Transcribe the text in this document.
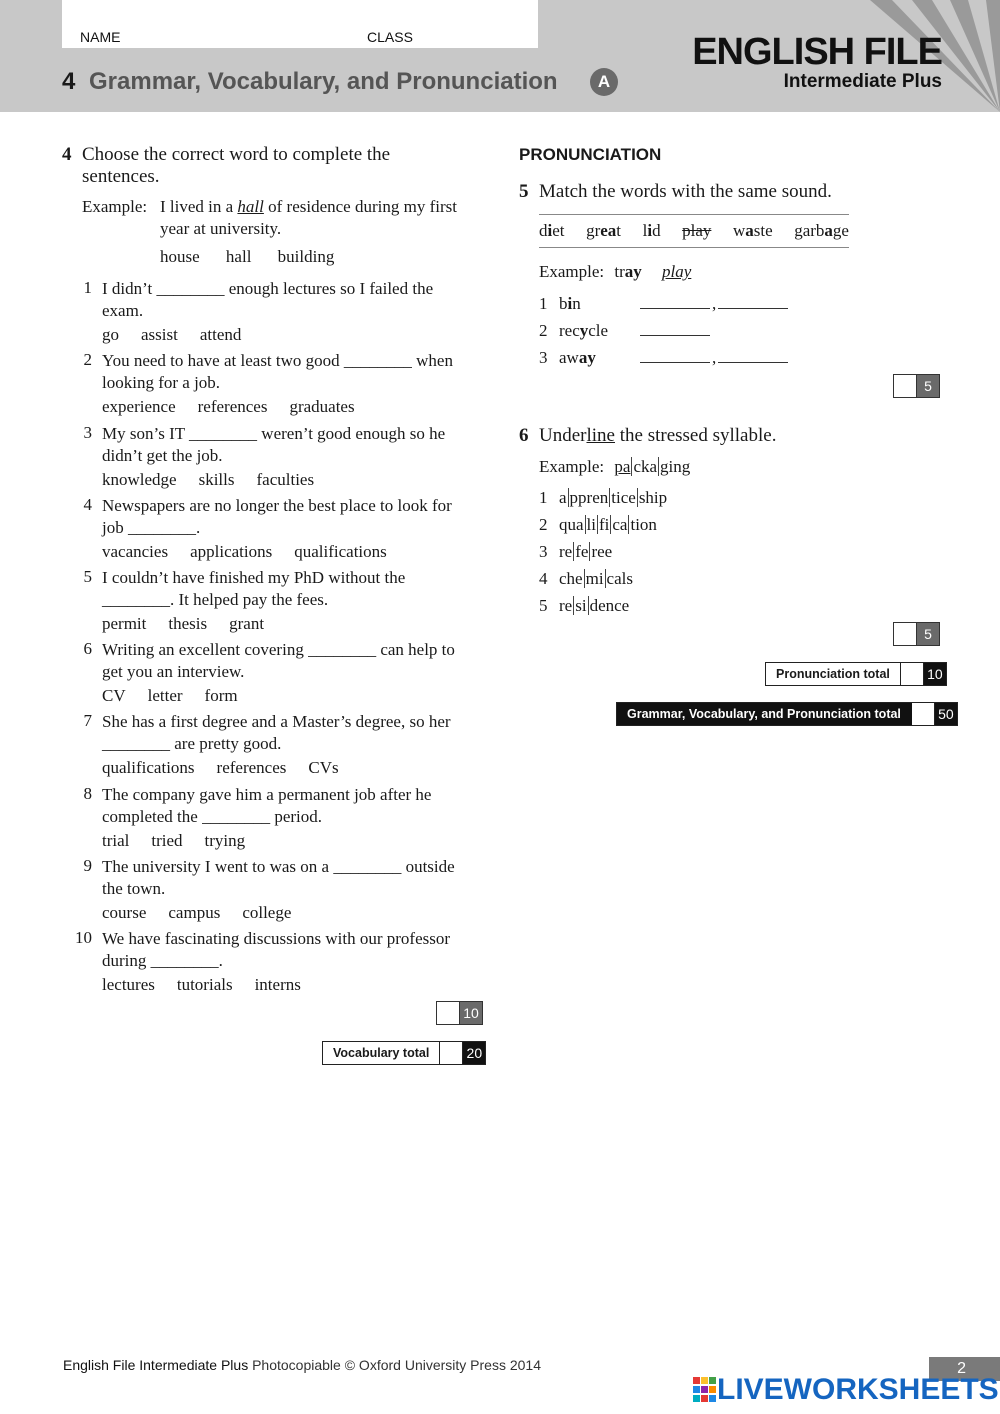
NAME	CLASS
4 Grammar, Vocabulary, and Pronunciation	A
ENGLISH FILE
Intermediate Plus
4 Choose the correct word to complete the
sentences.
Example: I lived in a hall of residence during my first
year at university.
house hall building
1 I didn’t ________ enough lectures so I failed the
exam.
go assist attend
2 You need to have at least two good ________ when
looking for a job.
experience references graduates
3 My son’s IT ________ weren’t good enough so he
didn’t get the job.
knowledge skills faculties
4 Newspapers are no longer the best place to look for
job ________.
vacancies applications qualifications
5 I couldn’t have finished my PhD without the
________. It helped pay the fees.
permit thesis grant
6 Writing an excellent covering ________ can help to
get you an interview.
CV letter form
7 She has a first degree and a Master’s degree, so her
________ are pretty good.
qualifications references CVs
8 The company gave him a permanent job after he
completed the ________ period.
trial tried trying
9 The university I went to was on a ________ outside
the town.
course campus college
10 We have fascinating discussions with our professor
during ________.
lectures tutorials interns
10
Vocabulary total	20
PRONUNCIATION
5 Match the words with the same sound.
diet great lid play waste garbage
Example: tray play
1 bin	,
2 recycle
3 away	,
5
6 Underline the stressed syllable.
Example: pa cka ging
1 a ppren tice ship
2 qua li fi ca tion
3 re fe ree
4 che mi cals
5 re si dence
5
Pronunciation total	10
Grammar, Vocabulary, and Pronunciation total	50
English File Intermediate Plus Photocopiable © Oxford University Press 2014	2
LIVEWORKSHEETS
